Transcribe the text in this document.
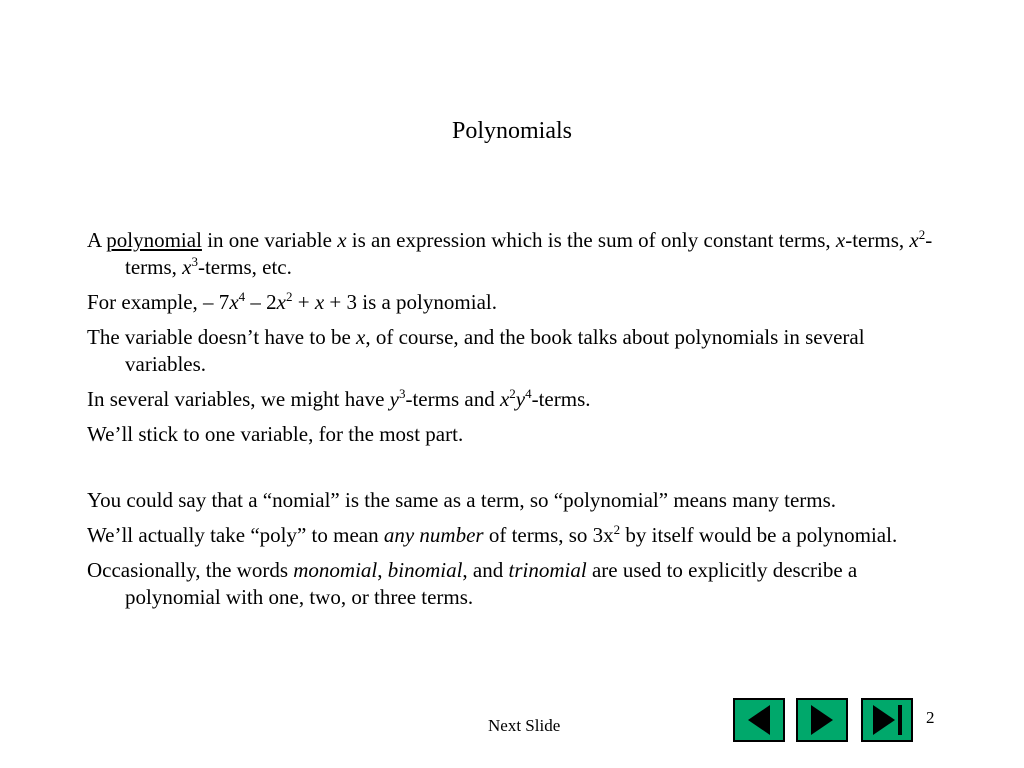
Polynomials

A polynomial in one variable x is an expression which is the sum of only constant terms, x-terms, $x^2$-terms, $x^3$-terms, etc.

For example, – $7x^4 - 2x^2 + x + 3$ is a polynomial.

The variable doesn’t have to be x, of course, and the book talks about polynomials in several variables.

In several variables, we might have $y^3$-terms and $x^2y^4$-terms.

We’ll stick to one variable, for the most part.

You could say that a “nomial” is the same as a term, so “polynomial” means many terms.

We’ll actually take “poly” to mean any number of terms, so $3x^2$ by itself would be a polynomial.

Occasionally, the words monomial, binomial, and trinomial are used to explicitly describe a polynomial with one, two, or three terms.

Next Slide	2
